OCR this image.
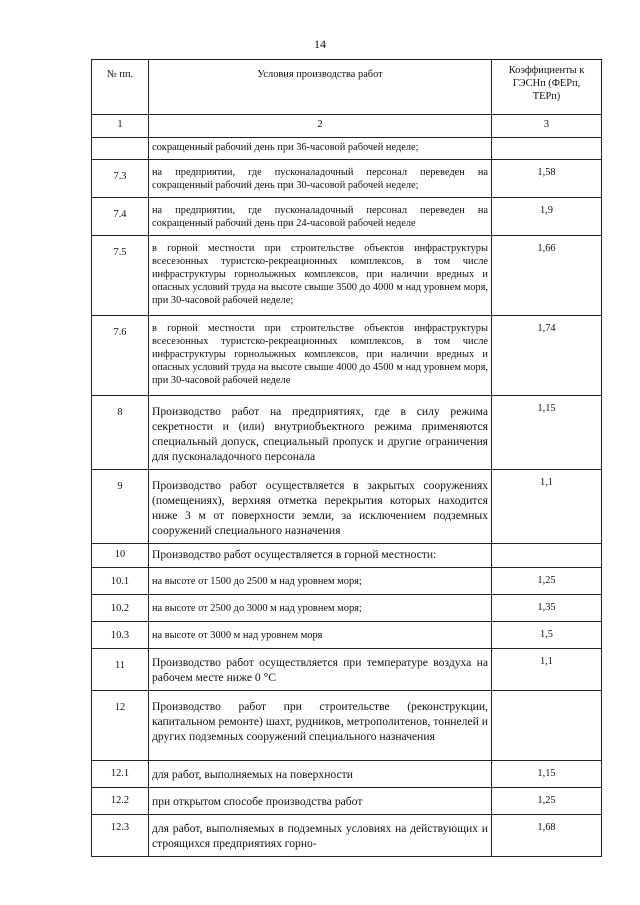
14
№ пп.	Условия производства работ	Коэффициенты к ГЭСНп (ФЕРп, ТЕРп)
1	2	3
	сокращенный рабочий день при 36-часовой рабочей неделе;	
7.3	на предприятии, где пусконаладочный персонал переведен на сокращенный рабочий день при 30-часовой рабочей неделе;	1,58
7.4	на предприятии, где пусконаладочный персонал переведен на сокращенный рабочий день при 24-часовой рабочей неделе	1,9
7.5	в горной местности при строительстве объектов инфраструктуры всесезонных туристско-рекреационных комплексов, в том числе инфраструктуры горнолыжных комплексов, при наличии вредных и опасных условий труда на высоте свыше 3500 до 4000 м над уровнем моря, при 30-часовой рабочей неделе;	1,66
7.6	в горной местности при строительстве объектов инфраструктуры всесезонных туристско-рекреационных комплексов, в том числе инфраструктуры горнолыжных комплексов, при наличии вредных и опасных условий труда на высоте свыше 4000 до 4500 м над уровнем моря, при 30-часовой рабочей неделе	1,74
8	Производство работ на предприятиях, где в силу режима секретности и (или) внутриобъектного режима применяются специальный допуск, специальный пропуск и другие ограничения для пусконаладочного персонала	1,15
9	Производство работ осуществляется в закрытых сооружениях (помещениях), верхняя отметка перекрытия которых находится ниже 3 м от поверхности земли, за исключением подземных сооружений специального назначения	1,1
10	Производство работ осуществляется в горной местности:	
10.1	на высоте от 1500 до 2500 м над уровнем моря;	1,25
10.2	на высоте от 2500 до 3000 м над уровнем моря;	1,35
10.3	на высоте от 3000 м над уровнем моря	1,5
11	Производство работ осуществляется при температуре воздуха на рабочем месте ниже 0 °С	1,1
12	Производство работ при строительстве (реконструкции, капитальном ремонте) шахт, рудников, метрополитенов, тоннелей и других подземных сооружений специального назначения	
12.1	для работ, выполняемых на поверхности	1,15
12.2	при открытом способе производства работ	1,25
12.3	для работ, выполняемых в подземных условиях на действующих и строящихся предприятиях горно-	1,68
